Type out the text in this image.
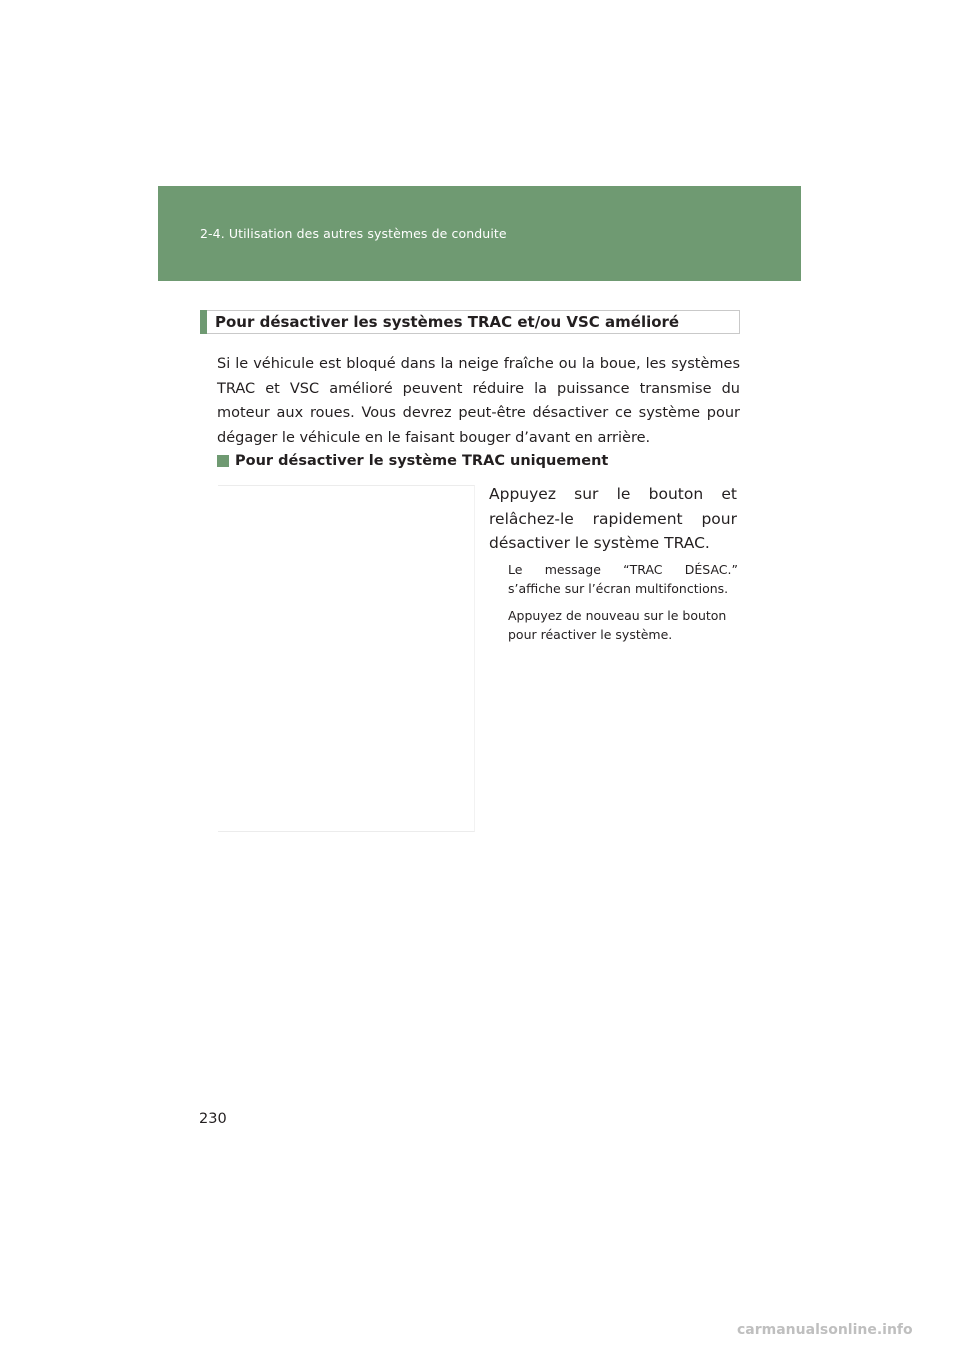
2-4. Utilisation des autres systèmes de conduite
Pour désactiver les systèmes TRAC et/ou VSC amélioré

Si le véhicule est bloqué dans la neige fraîche ou la boue, les systèmes TRAC et VSC amélioré peuvent réduire la puissance transmise du moteur aux roues. Vous devrez peut-être désactiver ce système pour dégager le véhicule en le faisant bouger d’avant en arrière.

Pour désactiver le système TRAC uniquement

Appuyez sur le bouton et relâchez-le rapidement pour désactiver le système TRAC.

Le message “TRAC DÉSAC.” s’affiche sur l’écran multifonctions.

Appuyez de nouveau sur le bouton pour réactiver le système.

230
carmanualsonline.info
